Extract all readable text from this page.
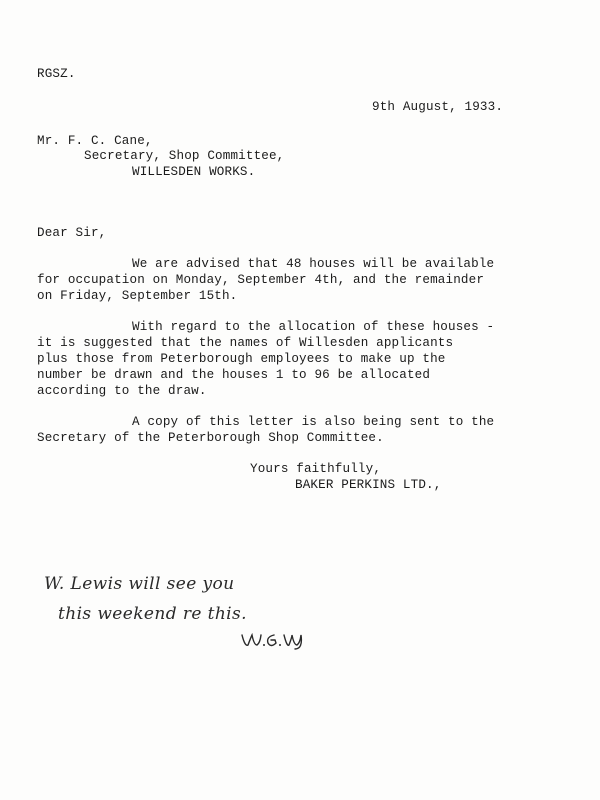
RGSZ.
9th August, 1933.
Mr. F. C. Cane,
Secretary, Shop Committee,
WILLESDEN WORKS.
Dear Sir,
We are advised that 48 houses will be available
for occupation on Monday, September 4th, and the remainder
on Friday, September 15th.
With regard to the allocation of these houses -
it is suggested that the names of Willesden applicants
plus those from Peterborough employees to make up the
number be drawn and the houses 1 to 96 be allocated
according to the draw.
A copy of this letter is also being sent to the
Secretary of the Peterborough Shop Committee.
Yours faithfully,
BAKER PERKINS LTD.,
W. Lewis will see you
this weekend re this.
